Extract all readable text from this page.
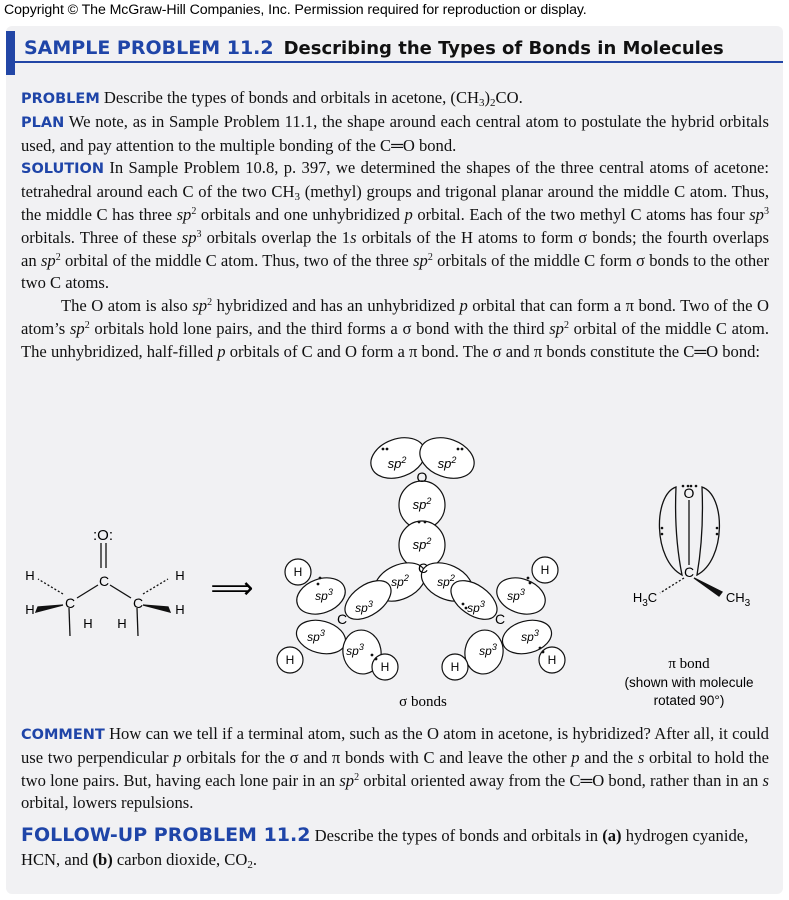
Copyright © The McGraw-Hill Companies, Inc. Permission required for reproduction or display.
SAMPLE PROBLEM 11.2 Describing the Types of Bonds in Molecules

PROBLEM Describe the types of bonds and orbitals in acetone, $(CH_3)_2CO$.

PLAN We note, as in Sample Problem 11.1, the shape around each central atom to postulate the hybrid orbitals used, and pay attention to the multiple bonding of the C═O bond.

SOLUTION In Sample Problem 10.8, p. 397, we determined the shapes of the three central atoms of acetone: tetrahedral around each C of the two $CH_3$ (methyl) groups and trigonal planar around the middle C atom. Thus, the middle C has three $sp^2$ orbitals and one unhybridized p orbital. Each of the two methyl C atoms has four $sp^3$ orbitals. Three of these $sp^3$ orbitals overlap the 1s orbitals of the H atoms to form σ bonds; the fourth overlaps an $sp^2$ orbital of the middle C atom. Thus, two of the three $sp^2$ orbitals of the middle C form σ bonds to the other two C atoms.

The O atom is also $sp^2$ hybridized and has an unhybridized p orbital that can form a π bond. Two of the O atom’s $sp^2$ orbitals hold lone pairs, and the third forms a σ bond with the third $sp^2$ orbital of the middle C atom. The unhybridized, half-filled p orbitals of C and O form a π bond. The σ and π bonds constitute the C═O bond:

:O:
C
C	C
H
H
H H
H
H
⟹
$sp^2$ $sp^2$
O
$sp^2$
$sp^2$
C
$sp^2$ $sp^2$
C	C
$sp^3$
$sp^3$
$sp^3$
$sp^3$
$sp^3$
$sp^3$
$sp^3$
$sp^3$
H
H	H
H
H
H
σ bonds
O
C
$H_3C$	$CH_3$
π bond
(shown with molecule
rotated 90°)

COMMENT How can we tell if a terminal atom, such as the O atom in acetone, is hybridized? After all, it could use two perpendicular p orbitals for the σ and π bonds with C and leave the other p and the s orbital to hold the two lone pairs. But, having each lone pair in an $sp^2$ orbital oriented away from the C═O bond, rather than in an s orbital, lowers repulsions.

FOLLOW-UP PROBLEM 11.2 Describe the types of bonds and orbitals in (a) hydrogen cyanide, HCN, and (b) carbon dioxide, $CO_2$.
